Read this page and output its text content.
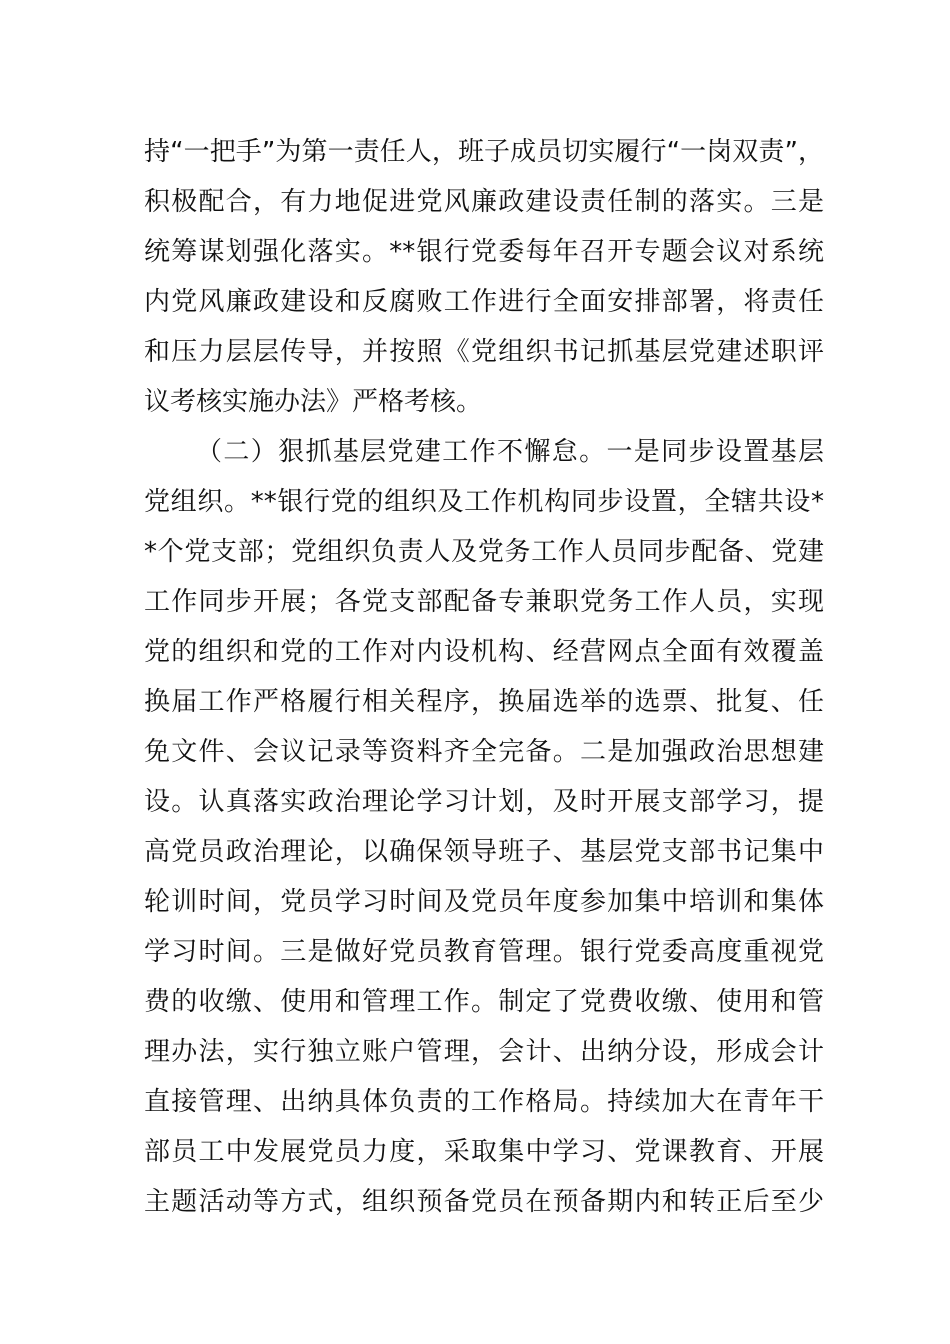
持“一把手”为第一责任人，班子成员切实履行“一岗双责”，
积极配合，有力地促进党风廉政建设责任制的落实。三是
统筹谋划强化落实。**银行党委每年召开专题会议对系统
内党风廉政建设和反腐败工作进行全面安排部署，将责任
和压力层层传导，并按照《党组织书记抓基层党建述职评
议考核实施办法》严格考核。
（二）狠抓基层党建工作不懈怠。一是同步设置基层
党组织。**银行党的组织及工作机构同步设置，全辖共设*
*个党支部；党组织负责人及党务工作人员同步配备、党建
工作同步开展；各党支部配备专兼职党务工作人员，实现
党的组织和党的工作对内设机构、经营网点全面有效覆盖
换届工作严格履行相关程序，换届选举的选票、批复、任
免文件、会议记录等资料齐全完备。二是加强政治思想建
设。认真落实政治理论学习计划，及时开展支部学习，提
高党员政治理论，以确保领导班子、基层党支部书记集中
轮训时间，党员学习时间及党员年度参加集中培训和集体
学习时间。三是做好党员教育管理。银行党委高度重视党
费的收缴、使用和管理工作。制定了党费收缴、使用和管
理办法，实行独立账户管理，会计、出纳分设，形成会计
直接管理、出纳具体负责的工作格局。持续加大在青年干
部员工中发展党员力度，采取集中学习、党课教育、开展
主题活动等方式，组织预备党员在预备期内和转正后至少
